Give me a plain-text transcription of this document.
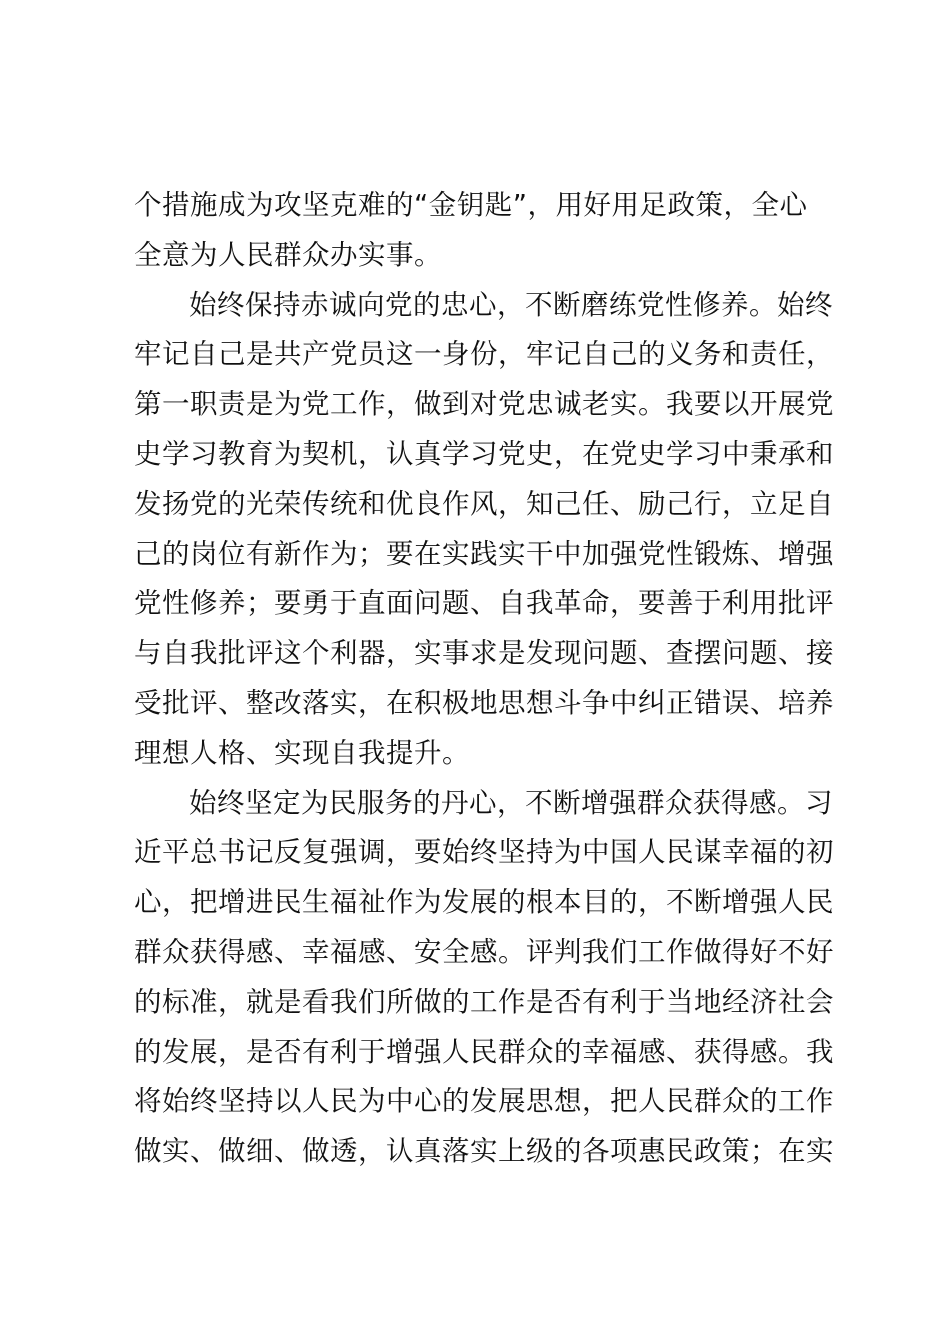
个措施成为攻坚克难的“金钥匙”，用好用足政策，全心
全意为人民群众办实事。
始终保持赤诚向党的忠心，不断磨练党性修养。始终
牢记自己是共产党员这一身份，牢记自己的义务和责任，
第一职责是为党工作，做到对党忠诚老实。我要以开展党
史学习教育为契机，认真学习党史，在党史学习中秉承和
发扬党的光荣传统和优良作风，知己任、励己行，立足自
己的岗位有新作为；要在实践实干中加强党性锻炼、增强
党性修养；要勇于直面问题、自我革命，要善于利用批评
与自我批评这个利器，实事求是发现问题、查摆问题、接
受批评、整改落实，在积极地思想斗争中纠正错误、培养
理想人格、实现自我提升。
始终坚定为民服务的丹心，不断增强群众获得感。习
近平总书记反复强调，要始终坚持为中国人民谋幸福的初
心，把增进民生福祉作为发展的根本目的，不断增强人民
群众获得感、幸福感、安全感。评判我们工作做得好不好
的标准，就是看我们所做的工作是否有利于当地经济社会
的发展，是否有利于增强人民群众的幸福感、获得感。我
将始终坚持以人民为中心的发展思想，把人民群众的工作
做实、做细、做透，认真落实上级的各项惠民政策；在实
